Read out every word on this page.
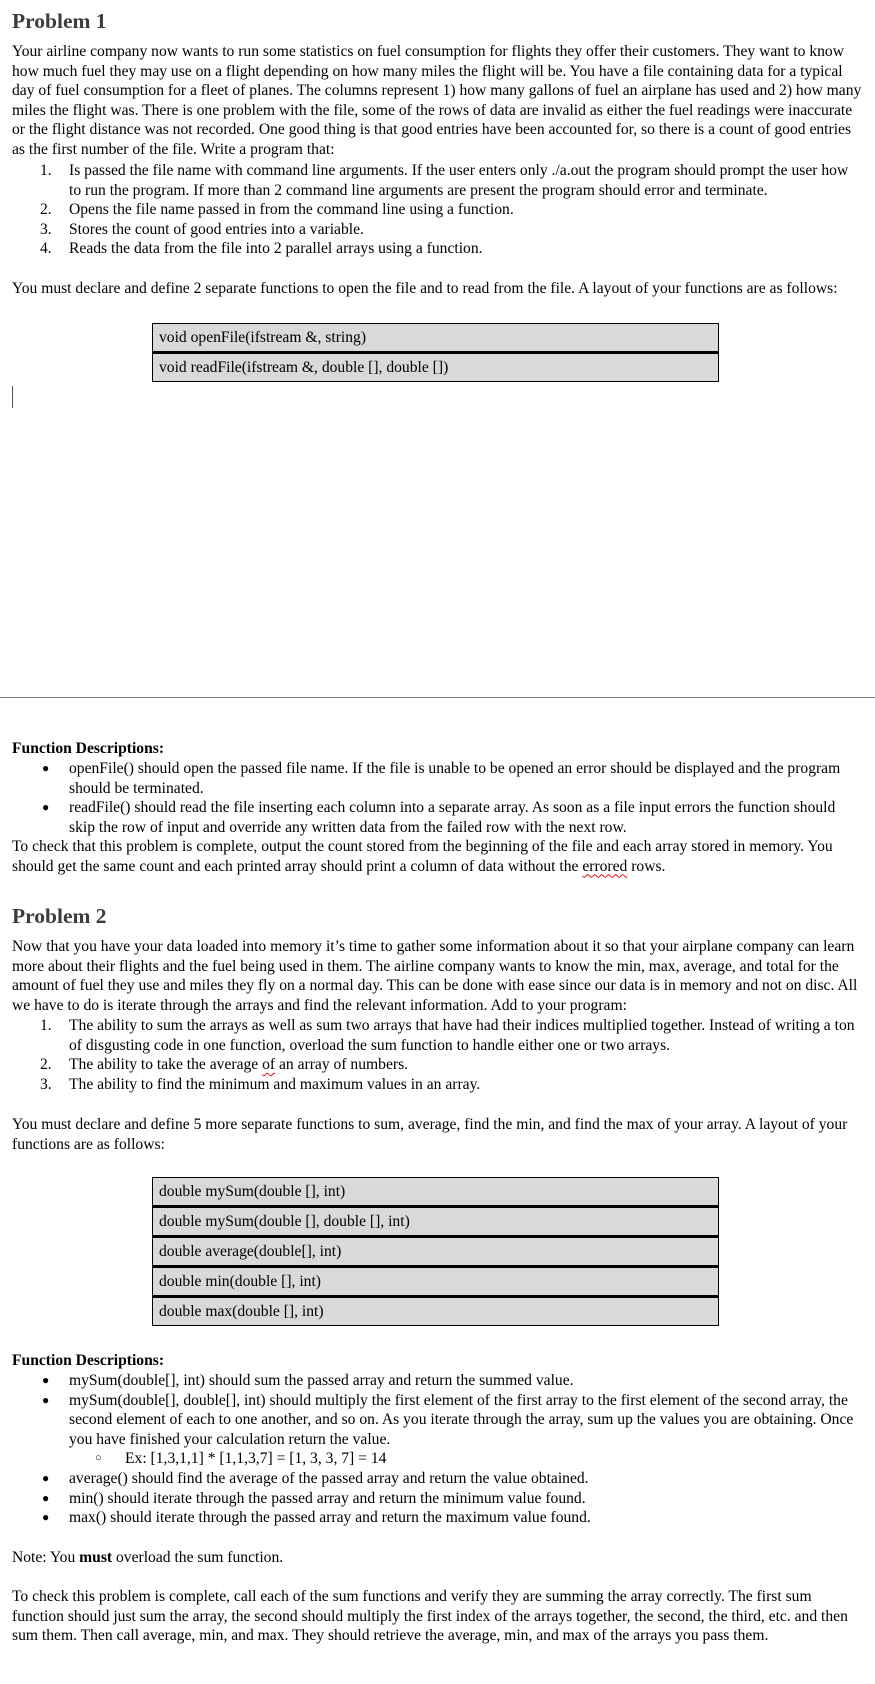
Problem 1

Your airline company now wants to run some statistics on fuel consumption for flights they offer their customers. They want to know how much fuel they may use on a flight depending on how many miles the flight will be. You have a file containing data for a typical day of fuel consumption for a fleet of planes. The columns represent 1) how many gallons of fuel an airplane has used and 2) how many miles the flight was. There is one problem with the file, some of the rows of data are invalid as either the fuel readings were inaccurate or the flight distance was not recorded. One good thing is that good entries have been accounted for, so there is a count of good entries as the first number of the file. Write a program that:

1. Is passed the file name with command line arguments. If the user enters only ./a.out the program should prompt the user how to run the program. If more than 2 command line arguments are present the program should error and terminate.
2. Opens the file name passed in from the command line using a function.
3. Stores the count of good entries into a variable.
4. Reads the data from the file into 2 parallel arrays using a function.

You must declare and define 2 separate functions to open the file and to read from the file. A layout of your functions are as follows:

void openFile(ifstream &, string)
void readFile(ifstream &, double [], double [])

Function Descriptions:

● openFile() should open the passed file name. If the file is unable to be opened an error should be displayed and the program should be terminated.
● readFile() should read the file inserting each column into a separate array. As soon as a file input errors the function should skip the row of input and override any written data from the failed row with the next row.

To check that this problem is complete, output the count stored from the beginning of the file and each array stored in memory. You should get the same count and each printed array should print a column of data without the errored rows.

Problem 2

Now that you have your data loaded into memory it’s time to gather some information about it so that your airplane company can learn more about their flights and the fuel being used in them. The airline company wants to know the min, max, average, and total for the amount of fuel they use and miles they fly on a normal day. This can be done with ease since our data is in memory and not on disc. All we have to do is iterate through the arrays and find the relevant information. Add to your program:

1. The ability to sum the arrays as well as sum two arrays that have had their indices multiplied together. Instead of writing a ton of disgusting code in one function, overload the sum function to handle either one or two arrays.
2. The ability to take the average of an array of numbers.
3. The ability to find the minimum and maximum values in an array.

You must declare and define 5 more separate functions to sum, average, find the min, and find the max of your array. A layout of your functions are as follows:

double mySum(double [], int)
double mySum(double [], double [], int)
double average(double[], int)
double min(double [], int)
double max(double [], int)

Function Descriptions:

● mySum(double[], int) should sum the passed array and return the summed value.
● mySum(double[], double[], int) should multiply the first element of the first array to the first element of the second array, the second element of each to one another, and so on. As you iterate through the array, sum up the values you are obtaining. Once you have finished your calculation return the value.
○ Ex: [1,3,1,1] * [1,1,3,7] = [1, 3, 3, 7] = 14
● average() should find the average of the passed array and return the value obtained.
● min() should iterate through the passed array and return the minimum value found.
● max() should iterate through the passed array and return the maximum value found.

Note: You must overload the sum function.

To check this problem is complete, call each of the sum functions and verify they are summing the array correctly. The first sum function should just sum the array, the second should multiply the first index of the arrays together, the second, the third, etc. and then sum them. Then call average, min, and max. They should retrieve the average, min, and max of the arrays you pass them.
